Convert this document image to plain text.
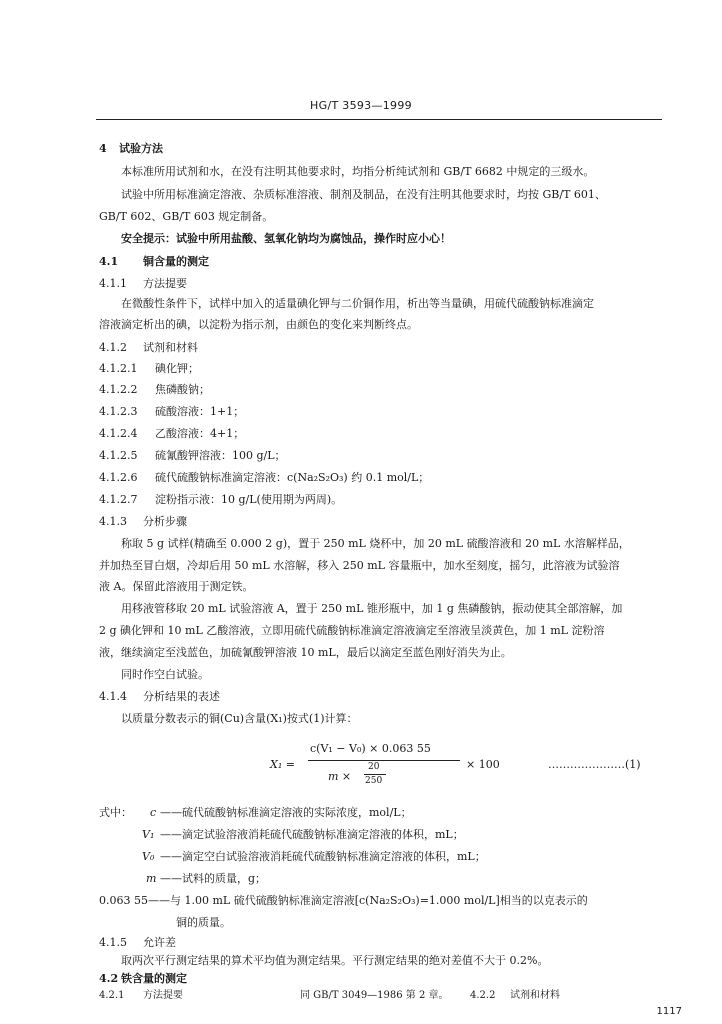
HG/T 3593—1999
4 试验方法
本标准所用试剂和水，在没有注明其他要求时，均指分析纯试剂和 GB/T 6682 中规定的三级水。
试验中所用标准滴定溶液、杂质标准溶液、制剂及制品，在没有注明其他要求时，均按 GB/T 601、
GB/T 602、GB/T 603 规定制备。
安全提示：试验中所用盐酸、氢氧化钠均为腐蚀品，操作时应小心！
4.1 铜含量的测定
4.1.1 方法提要
在微酸性条件下，试样中加入的适量碘化钾与二价铜作用，析出等当量碘，用硫代硫酸钠标准滴定
溶液滴定析出的碘，以淀粉为指示剂，由颜色的变化来判断终点。
4.1.2 试剂和材料
4.1.2.1 碘化钾；
4.1.2.2 焦磷酸钠；
4.1.2.3 硫酸溶液：1+1；
4.1.2.4 乙酸溶液：4+1；
4.1.2.5 硫氰酸钾溶液：100 g/L；
4.1.2.6 硫代硫酸钠标准滴定溶液：c(Na₂S₂O₃) 约 0.1 mol/L；
4.1.2.7 淀粉指示液：10 g/L(使用期为两周)。
4.1.3 分析步骤
称取 5 g 试样(精确至 0.000 2 g)，置于 250 mL 烧杯中，加 20 mL 硫酸溶液和 20 mL 水溶解样品，
并加热至冒白烟，冷却后用 50 mL 水溶解，移入 250 mL 容量瓶中，加水至刻度，摇匀，此溶液为试验溶
液 A。保留此溶液用于测定铁。
用移液管移取 20 mL 试验溶液 A，置于 250 mL 锥形瓶中，加 1 g 焦磷酸钠，振动使其全部溶解，加
2 g 碘化钾和 10 mL 乙酸溶液，立即用硫代硫酸钠标准滴定溶液滴定至溶液呈淡黄色，加 1 mL 淀粉溶
液，继续滴定至浅蓝色，加硫氰酸钾溶液 10 mL，最后以滴定至蓝色刚好消失为止。
同时作空白试验。
4.1.4 分析结果的表述
以质量分数表示的铜(Cu)含量(X₁)按式(1)计算：
X₁ =
c(V₁ − V₀) × 0.063 55
m ×
20
250
× 100	…………………(1)
式中： c ——硫代硫酸钠标准滴定溶液的实际浓度，mol/L；
V₁ ——滴定试验溶液消耗硫代硫酸钠标准滴定溶液的体积，mL；
V₀ ——滴定空白试验溶液消耗硫代硫酸钠标准滴定溶液的体积，mL；
m ——试料的质量，g；
0.063 55——与 1.00 mL 硫代硫酸钠标准滴定溶液[c(Na₂S₂O₃)=1.000 mol/L]相当的以克表示的
铜的质量。
4.1.5 允许差
取两次平行测定结果的算术平均值为测定结果。平行测定结果的绝对差值不大于 0.2%。
4.2 铁含量的测定
4.2.1 方法提要	同 GB/T 3049—1986 第 2 章。 4.2.2 试剂和材料
1117
